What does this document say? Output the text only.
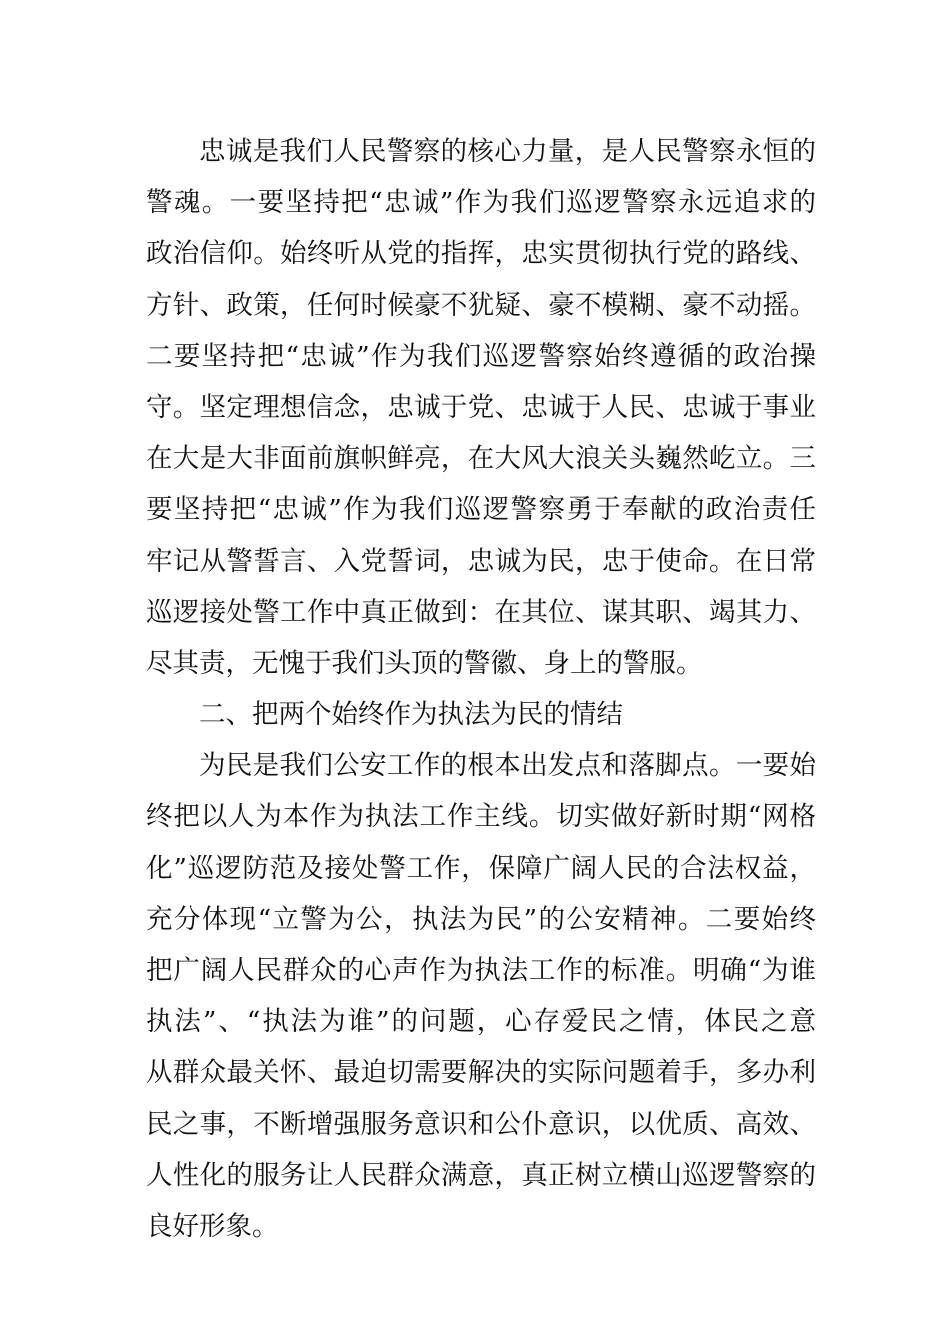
忠诚是我们人民警察的核心力量，是人民警察永恒的
警魂。一要坚持把“忠诚”作为我们巡逻警察永远追求的
政治信仰。始终听从党的指挥，忠实贯彻执行党的路线、
方针、政策，任何时候豪不犹疑、豪不模糊、豪不动摇。
二要坚持把“忠诚”作为我们巡逻警察始终遵循的政治操
守。坚定理想信念，忠诚于党、忠诚于人民、忠诚于事业
在大是大非面前旗帜鲜亮，在大风大浪关头巍然屹立。三
要坚持把“忠诚”作为我们巡逻警察勇于奉献的政治责任
牢记从警誓言、入党誓词，忠诚为民，忠于使命。在日常
巡逻接处警工作中真正做到：在其位、谋其职、竭其力、
尽其责，无愧于我们头顶的警徽、身上的警服。
二、把两个始终作为执法为民的情结
为民是我们公安工作的根本出发点和落脚点。一要始
终把以人为本作为执法工作主线。切实做好新时期“网格
化”巡逻防范及接处警工作，保障广阔人民的合法权益，
充分体现“立警为公，执法为民”的公安精神。二要始终
把广阔人民群众的心声作为执法工作的标准。明确“为谁
执法”、“执法为谁”的问题，心存爱民之情，体民之意
从群众最关怀、最迫切需要解决的实际问题着手，多办利
民之事，不断增强服务意识和公仆意识，以优质、高效、
人性化的服务让人民群众满意，真正树立横山巡逻警察的
良好形象。
